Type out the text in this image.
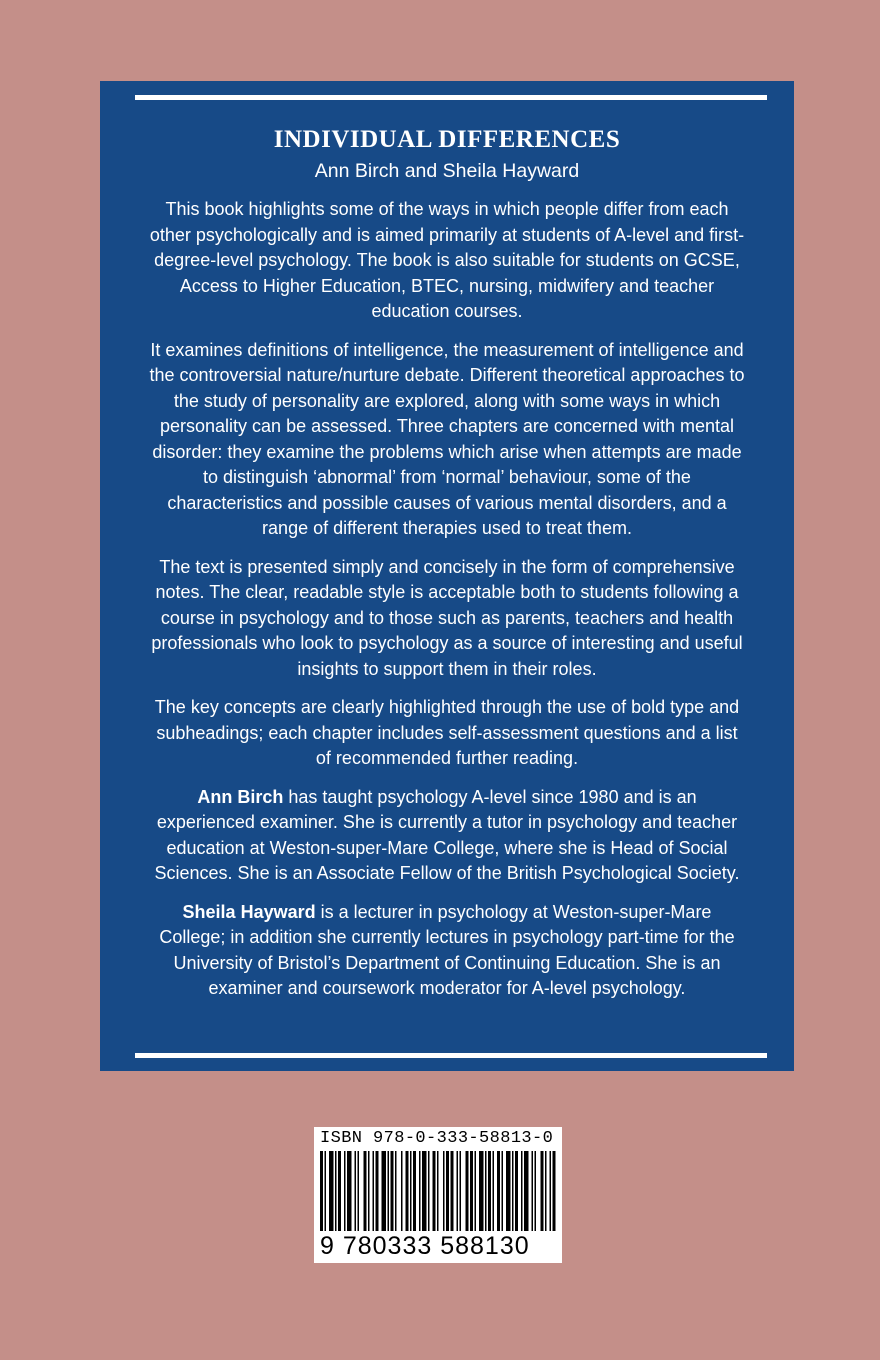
INDIVIDUAL DIFFERENCES
Ann Birch and Sheila Hayward

This book highlights some of the ways in which people differ from each other psychologically and is aimed primarily at students of A-level and first-degree-level psychology. The book is also suitable for students on GCSE, Access to Higher Education, BTEC, nursing, midwifery and teacher education courses.

It examines definitions of intelligence, the measurement of intelligence and the controversial nature/nurture debate. Different theoretical approaches to the study of personality are explored, along with some ways in which personality can be assessed. Three chapters are concerned with mental disorder: they examine the problems which arise when attempts are made to distinguish ‘abnormal’ from ‘normal’ behaviour, some of the characteristics and possible causes of various mental disorders, and a range of different therapies used to treat them.

The text is presented simply and concisely in the form of comprehensive notes. The clear, readable style is acceptable both to students following a course in psychology and to those such as parents, teachers and health professionals who look to psychology as a source of interesting and useful insights to support them in their roles.

The key concepts are clearly highlighted through the use of bold type and subheadings; each chapter includes self-assessment questions and a list of recommended further reading.

Ann Birch has taught psychology A-level since 1980 and is an experienced examiner. She is currently a tutor in psychology and teacher education at Weston-super-Mare College, where she is Head of Social Sciences. She is an Associate Fellow of the British Psychological Society.

Sheila Hayward is a lecturer in psychology at Weston-super-Mare College; in addition she currently lectures in psychology part-time for the University of Bristol’s Department of Continuing Education. She is an examiner and coursework moderator for A-level psychology.

ISBN 978-0-333-58813-0
9 780333 588130
